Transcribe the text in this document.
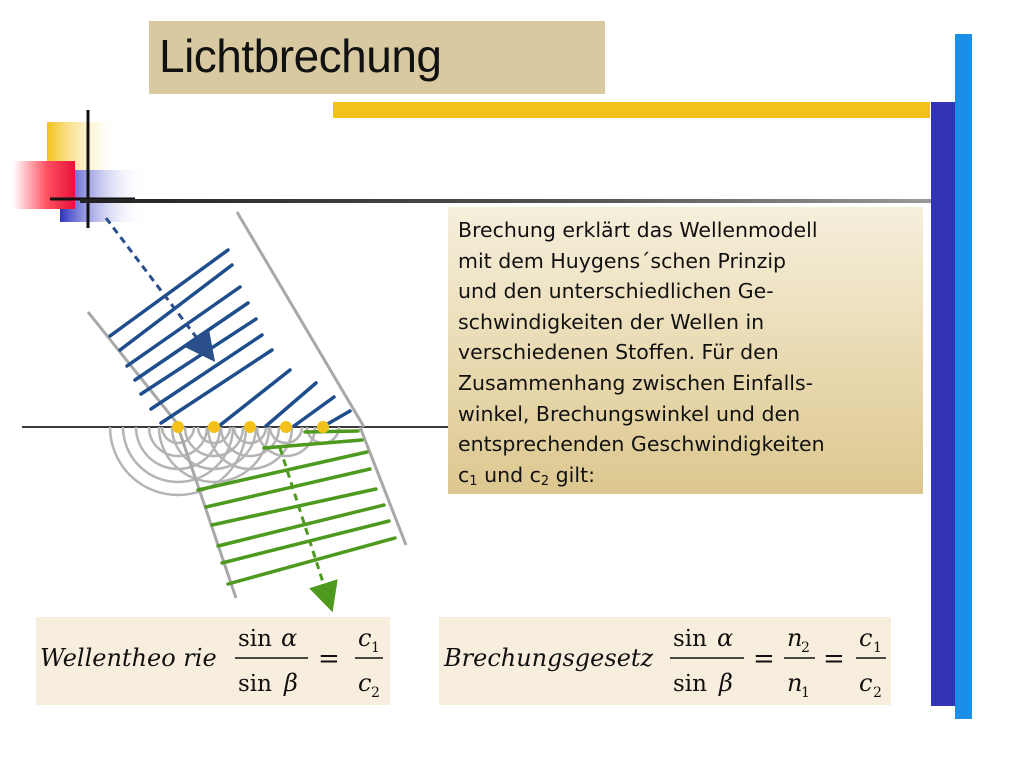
Lichtbrechung
Brechung erklärt das Wellenmodell
mit dem Huygens´schen Prinzip
und den unterschiedlichen Ge-
schwindigkeiten der Wellen in
verschiedenen Stoffen. Für den
Zusammenhang zwischen Einfalls-
winkel, Brechungswinkel und den
entsprechenden Geschwindigkeiten
$c_1$ und $c_2$ gilt:
Wellentheo rie
sin α
sin β
=
c 1
c 2
Brechungsgesetz
sin α
sin β
=
n
2
n
1
=
c 1
c 2
